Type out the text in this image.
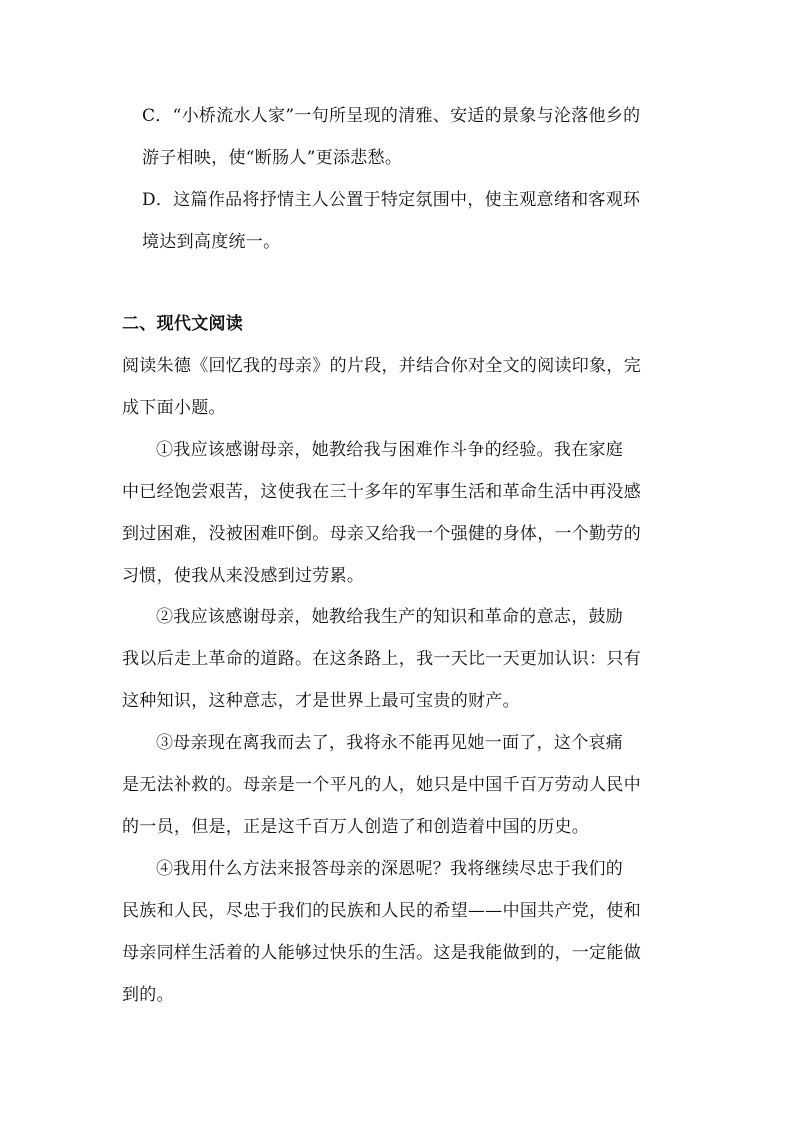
C．“小桥流水人家”一句所呈现的清雅、安适的景象与沦落他乡的
游子相映，使“断肠人”更添悲愁。
D．这篇作品将抒情主人公置于特定氛围中，使主观意绪和客观环
境达到高度统一。
二、现代文阅读
阅读朱德《回忆我的母亲》的片段，并结合你对全文的阅读印象，完
成下面小题。
①我应该感谢母亲，她教给我与困难作斗争的经验。我在家庭
中已经饱尝艰苦，这使我在三十多年的军事生活和革命生活中再没感
到过困难，没被困难吓倒。母亲又给我一个强健的身体，一个勤劳的
习惯，使我从来没感到过劳累。
②我应该感谢母亲，她教给我生产的知识和革命的意志，鼓励
我以后走上革命的道路。在这条路上，我一天比一天更加认识：只有
这种知识，这种意志，才是世界上最可宝贵的财产。
③母亲现在离我而去了，我将永不能再见她一面了，这个哀痛
是无法补救的。母亲是一个平凡的人，她只是中国千百万劳动人民中
的一员，但是，正是这千百万人创造了和创造着中国的历史。
④我用什么方法来报答母亲的深恩呢？我将继续尽忠于我们的
民族和人民，尽忠于我们的民族和人民的希望——中国共产党，使和
母亲同样生活着的人能够过快乐的生活。这是我能做到的，一定能做
到的。
